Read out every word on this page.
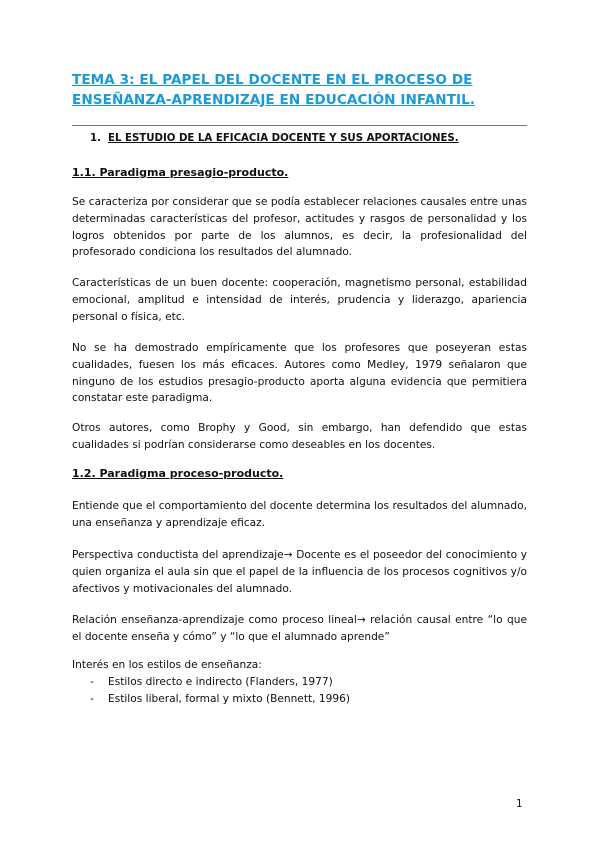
TEMA 3: EL PAPEL DEL DOCENTE EN EL PROCESO DE ENSEÑANZA-APRENDIZAJE EN EDUCACIÓN INFANTIL.
1. EL ESTUDIO DE LA EFICACIA DOCENTE Y SUS APORTACIONES.
1.1. Paradigma presagio-producto.
Se caracteriza por considerar que se podía establecer relaciones causales entre unas determinadas características del profesor, actitudes y rasgos de personalidad y los logros obtenidos por parte de los alumnos, es decir, la profesionalidad del profesorado condiciona los resultados del alumnado.
Características de un buen docente: cooperación, magnetismo personal, estabilidad emocional, amplitud e intensidad de interés, prudencia y liderazgo, apariencia personal o física, etc.
No se ha demostrado empíricamente que los profesores que poseyeran estas cualidades, fuesen los más eficaces. Autores como Medley, 1979 señalaron que ninguno de los estudios presagio-producto aporta alguna evidencia que permitiera constatar este paradigma.
Otros autores, como Brophy y Good, sin embargo, han defendido que estas cualidades si podrían considerarse como deseables en los docentes.
1.2. Paradigma proceso-producto.
Entiende que el comportamiento del docente determina los resultados del alumnado, una enseñanza y aprendizaje eficaz.
Perspectiva conductista del aprendizaje→ Docente es el poseedor del conocimiento y quien organiza el aula sin que el papel de la influencia de los procesos cognitivos y/o afectivos y motivacionales del alumnado.
Relación enseñanza-aprendizaje como proceso lineal→ relación causal entre “lo que el docente enseña y cómo” y “lo que el alumnado aprende”
Interés en los estilos de enseñanza:
- Estilos directo e indirecto (Flanders, 1977)
- Estilos liberal, formal y mixto (Bennett, 1996)
1
